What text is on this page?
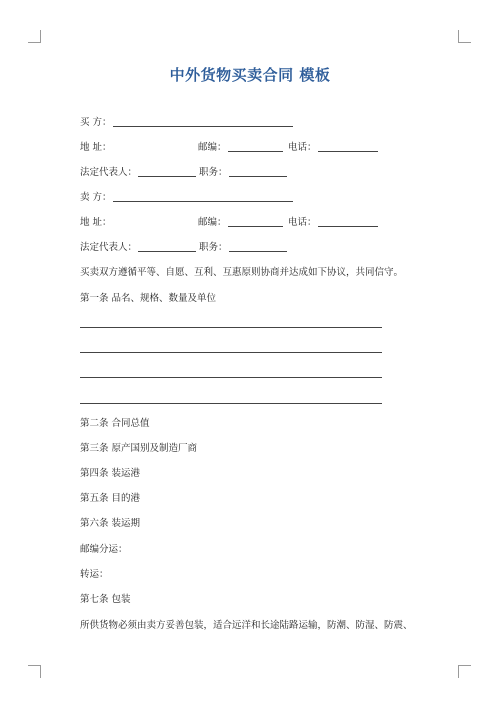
中外货物买卖合同 模板
买 方：
地 址：	邮编：	电话：
法定代表人：	职务：
卖 方：
地 址：	邮编：	电话：
法定代表人：	职务：
买卖双方遵循平等、自愿、互利、互惠原则协商并达成如下协议，共同信守。
第一条 品名、规格、数量及单位
第二条 合同总值
第三条 原产国别及制造厂商
第四条 装运港
第五条 目的港
第六条 装运期
邮编分运：
转运：
第七条 包装
所供货物必须由卖方妥善包装，适合远洋和长途陆路运输，防潮、防湿、防震、
